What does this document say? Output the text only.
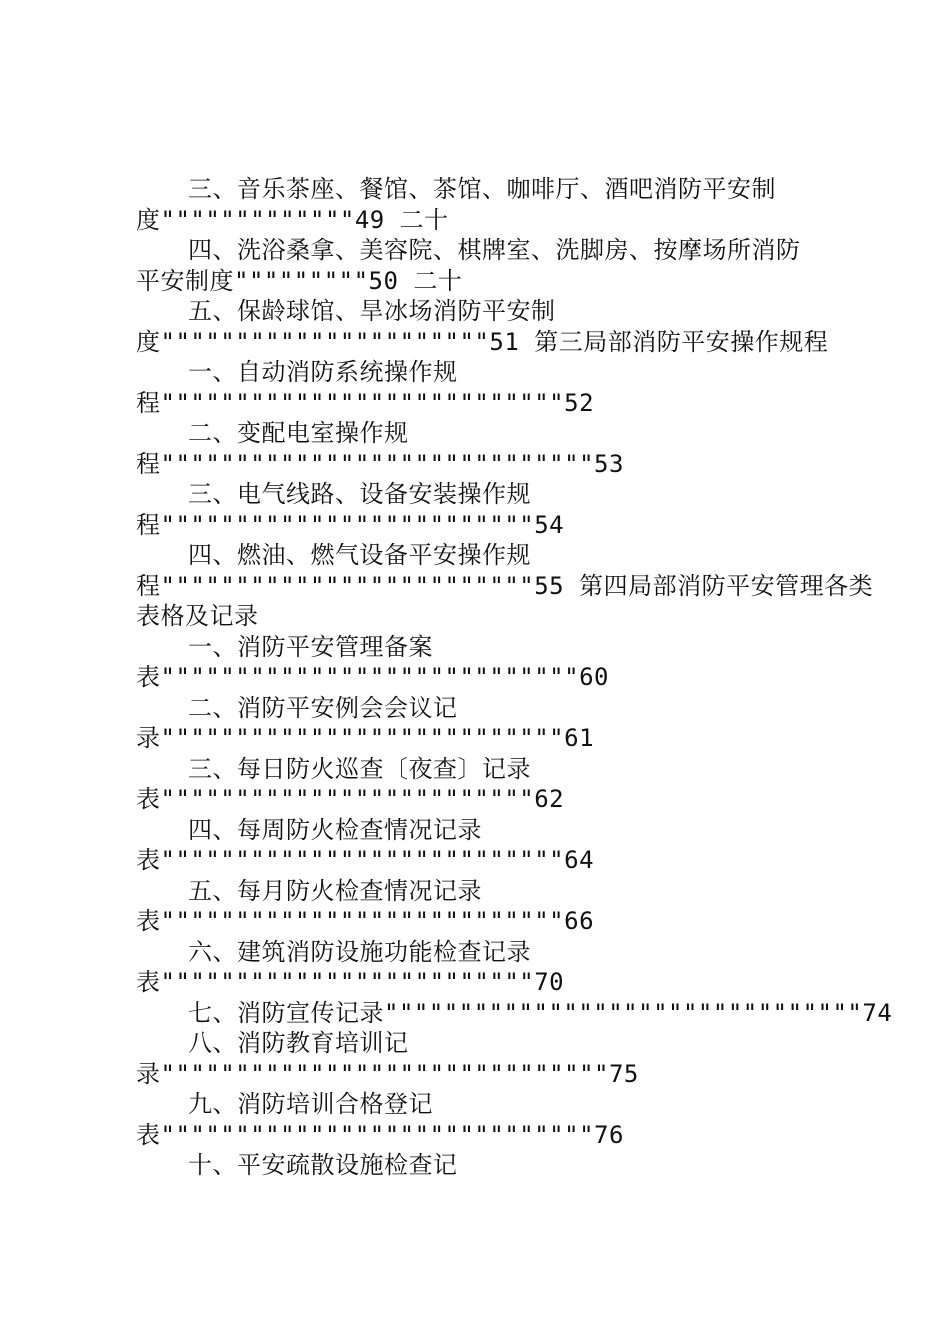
三、音乐茶座、餐馆、茶馆、咖啡厅、酒吧消防平安制
度"""""""""""""49 二十
四、洗浴桑拿、美容院、棋牌室、洗脚房、按摩场所消防
平安制度"""""""""50 二十
五、保龄球馆、旱冰场消防平安制
度""""""""""""""""""""""51 第三局部消防平安操作规程
一、自动消防系统操作规
程"""""""""""""""""""""""""""52
二、变配电室操作规
程"""""""""""""""""""""""""""""53
三、电气线路、设备安装操作规
程"""""""""""""""""""""""""54
四、燃油、燃气设备平安操作规
程"""""""""""""""""""""""""55 第四局部消防平安管理各类
表格及记录
一、消防平安管理备案
表""""""""""""""""""""""""""""60
二、消防平安例会会议记
录"""""""""""""""""""""""""""61
三、每日防火巡查〔夜查〕记录
表"""""""""""""""""""""""""62
四、每周防火检查情况记录
表"""""""""""""""""""""""""""64
五、每月防火检查情况记录
表"""""""""""""""""""""""""""66
六、建筑消防设施功能检查记录
表"""""""""""""""""""""""""70
七、消防宣传记录""""""""""""""""""""""""""""""""74
八、消防教育培训记
录""""""""""""""""""""""""""""""75
九、消防培训合格登记
表"""""""""""""""""""""""""""""76
十、平安疏散设施检查记
